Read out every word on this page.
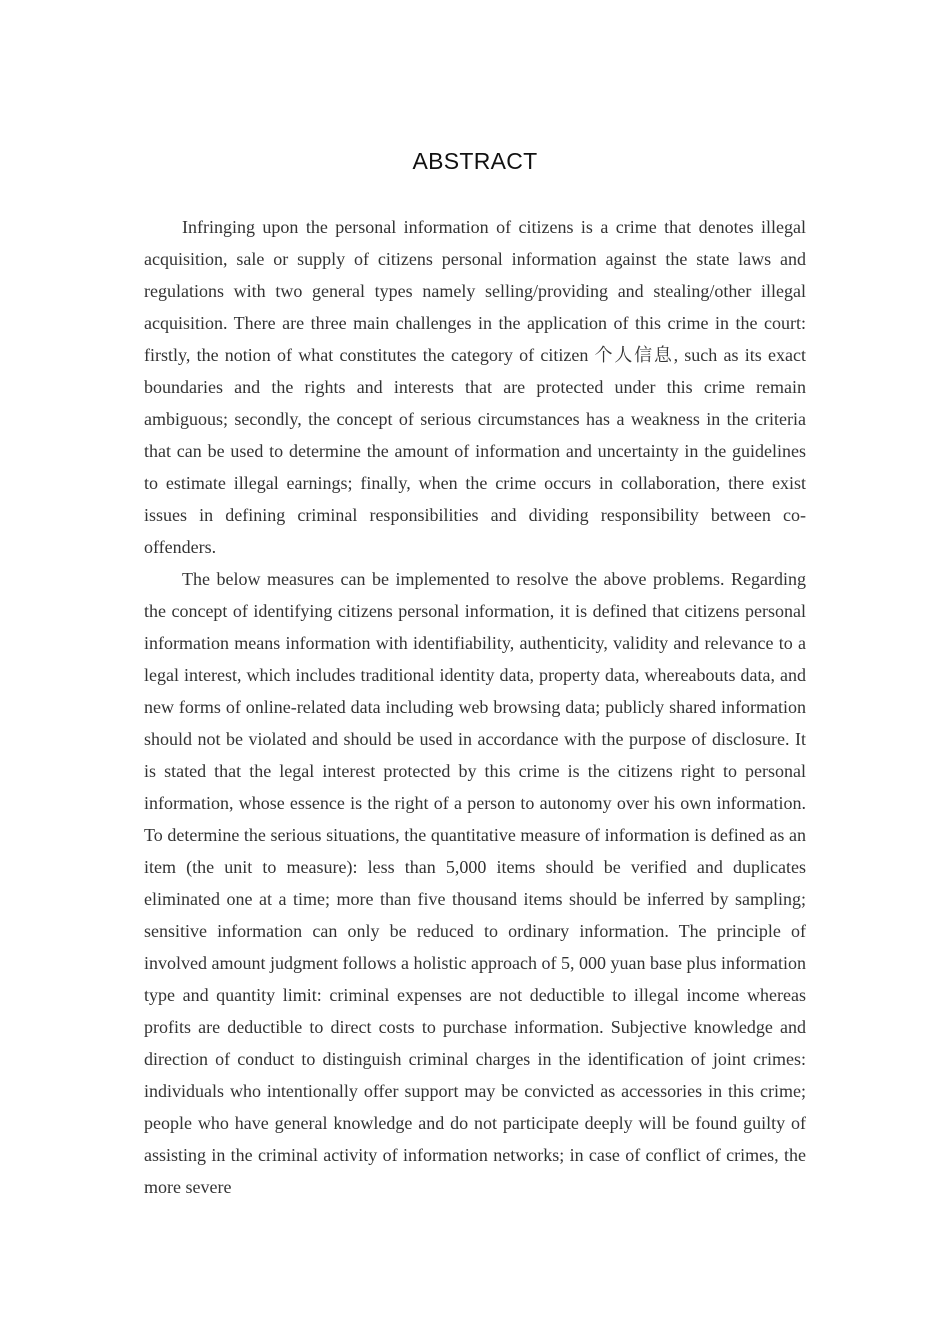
ABSTRACT

Infringing upon the personal information of citizens is a crime that denotes illegal acquisition, sale or supply of citizens personal information against the state laws and regulations with two general types namely selling/providing and stealing/other illegal acquisition. There are three main challenges in the application of this crime in the court: firstly, the notion of what constitutes the category of citizen 个人信息, such as its exact boundaries and the rights and interests that are protected under this crime remain ambiguous; secondly, the concept of serious circumstances has a weakness in the criteria that can be used to determine the amount of information and uncertainty in the guidelines to estimate illegal earnings; finally, when the crime occurs in collaboration, there exist issues in defining criminal responsibilities and dividing responsibility between co-offenders.

The below measures can be implemented to resolve the above problems. Regarding the concept of identifying citizens personal information, it is defined that citizens personal information means information with identifiability, authenticity, validity and relevance to a legal interest, which includes traditional identity data, property data, whereabouts data, and new forms of online-related data including web browsing data; publicly shared information should not be violated and should be used in accordance with the purpose of disclosure. It is stated that the legal interest protected by this crime is the citizens right to personal information, whose essence is the right of a person to autonomy over his own information. To determine the serious situations, the quantitative measure of information is defined as an item (the unit to measure): less than 5,000 items should be verified and duplicates eliminated one at a time; more than five thousand items should be inferred by sampling; sensitive information can only be reduced to ordinary information. The principle of involved amount judgment follows a holistic approach of 5, 000 yuan base plus information type and quantity limit: criminal expenses are not deductible to illegal income whereas profits are deductible to direct costs to purchase information. Subjective knowledge and direction of conduct to distinguish criminal charges in the identification of joint crimes: individuals who intentionally offer support may be convicted as accessories in this crime; people who have general knowledge and do not participate deeply will be found guilty of assisting in the criminal activity of information networks; in case of conflict of crimes, the more severe
